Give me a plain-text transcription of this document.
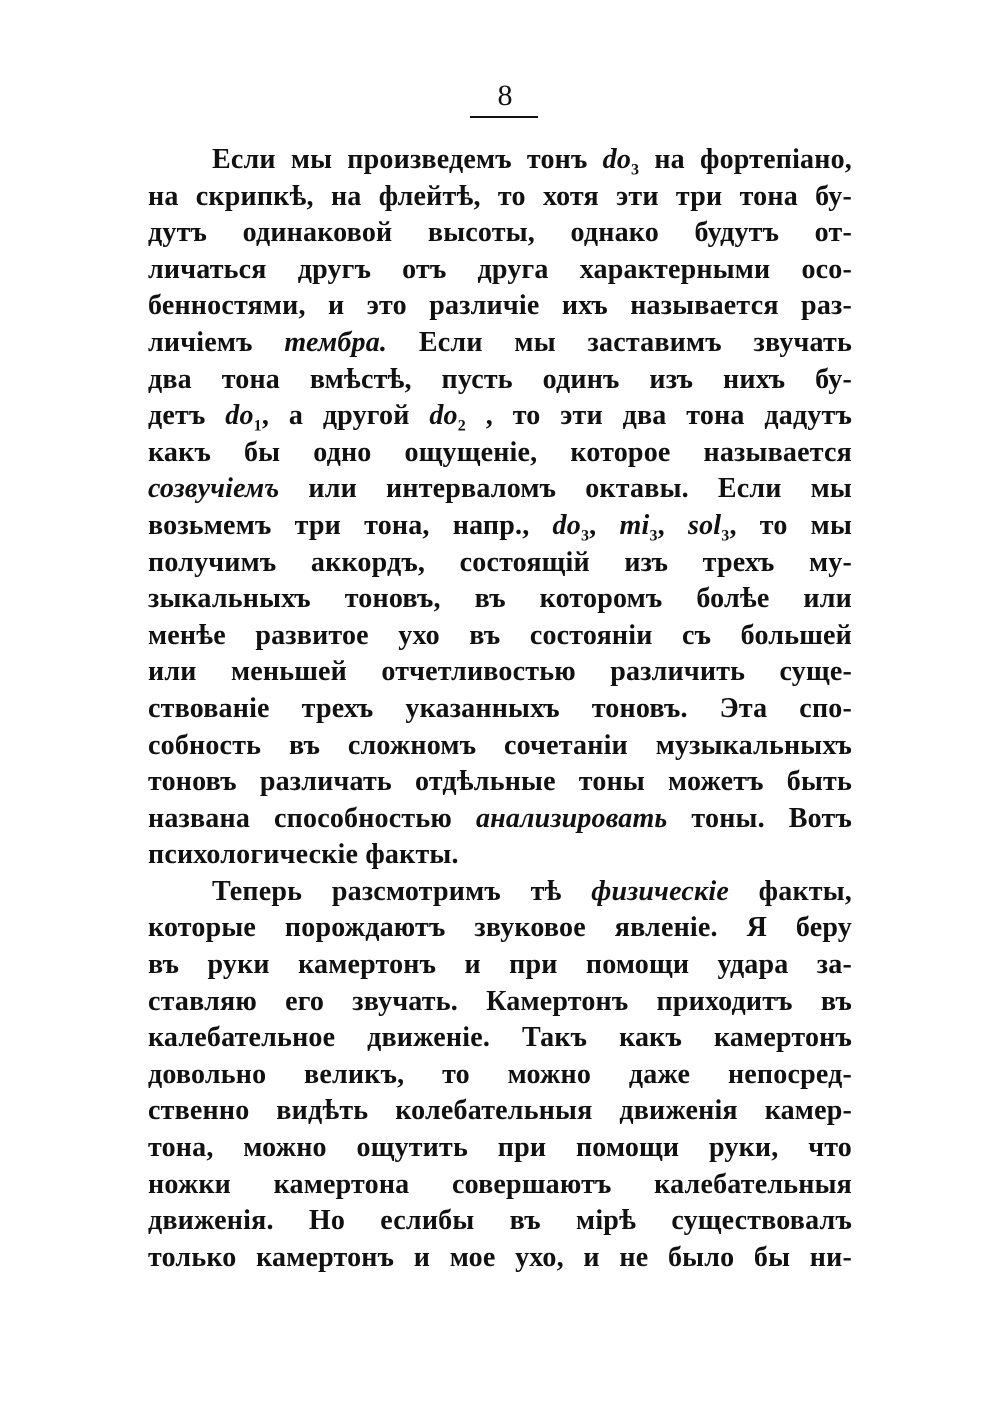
8
Если мы произведемъ тонъ $do_3$ на фортепіано,
на скрипкѣ, на флейтѣ, то хотя эти три тона бу-
дутъ одинаковой высоты, однако будутъ от-
личаться другъ отъ друга характерными осо-
бенностями, и это различіе ихъ называется раз-
личіемъ тембра. Если мы заставимъ звучать
два тона вмѣстѣ, пусть одинъ изъ нихъ бу-
детъ $do_1$, а другой $do_2$ , то эти два тона дадутъ
какъ бы одно ощущеніе, которое называется
созвучіемъ или интерваломъ октавы. Если мы
возьмемъ три тона, напр., $do_3$, $mi_3$, sol$_3$, то мы
получимъ аккордъ, состоящій изъ трехъ му-
зыкальныхъ тоновъ, въ которомъ болѣе или
менѣе развитое ухо въ состояніи съ большей
или меньшей отчетливостью различить суще-
ствованіе трехъ указанныхъ тоновъ. Эта спо-
собность въ сложномъ сочетаніи музыкальныхъ
тоновъ различать отдѣльные тоны можетъ быть
названа способностью анализировать тоны. Вотъ
психологическіе факты.
Теперь разсмотримъ тѣ физическіе факты,
которые порождаютъ звуковое явленіе. Я беру
въ руки камертонъ и при помощи удара за-
ставляю его звучать. Камертонъ приходитъ въ
калебательное движеніе. Такъ какъ камертонъ
довольно великъ, то можно даже непосред-
ственно видѣть колебательныя движенія камер-
тона, можно ощутить при помощи руки, что
ножки камертона совершаютъ калебательныя
движенія. Но еслибы въ мірѣ существовалъ
только камертонъ и мое ухо, и не было бы ни-
